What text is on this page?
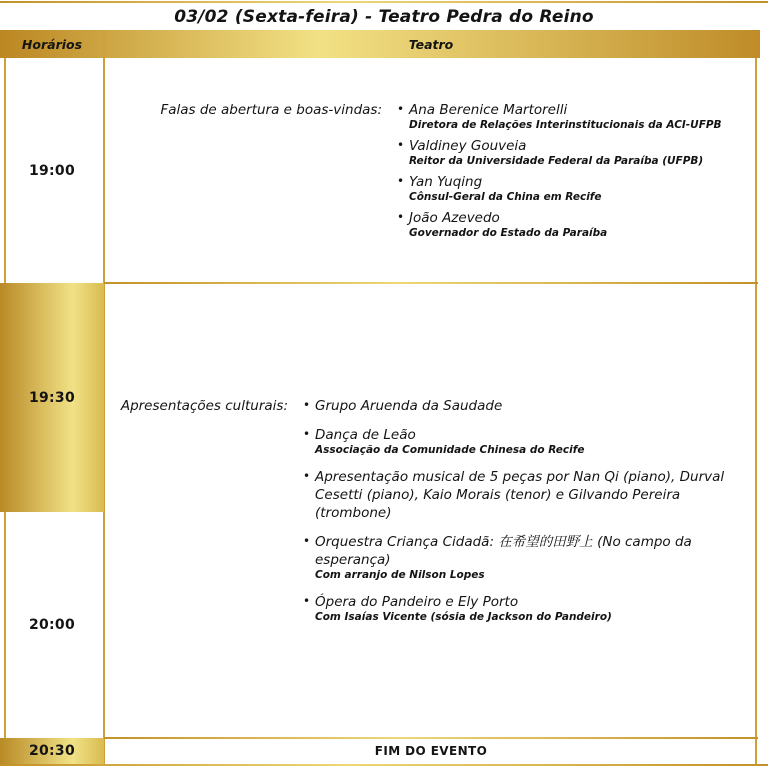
03/02 (Sexta-feira) - Teatro Pedra do Reino
Horários	Teatro
19:00
19:30
20:00
20:30
Falas de abertura e boas-vindas: • Ana Berenice Martorelli
Diretora de Relações Interinstitucionais da ACI-UFPB
• Valdiney Gouveia
Reitor da Universidade Federal da Paraíba (UFPB)
• Yan Yuqing
Cônsul-Geral da China em Recife
• João Azevedo
Governador do Estado da Paraíba
Apresentações culturais: • Grupo Aruenda da Saudade
• Dança de Leão
Associação da Comunidade Chinesa do Recife
• Apresentação musical de 5 peças por Nan Qi (piano), Durval Cesetti (piano), Kaio Morais (tenor) e Gilvando Pereira (trombone)
• Orquestra Criança Cidadã: 在希望的田野上 (No campo da esperança)
Com arranjo de Nilson Lopes
• Ópera do Pandeiro e Ely Porto
Com Isaías Vicente (sósia de Jackson do Pandeiro)
FIM DO EVENTO
